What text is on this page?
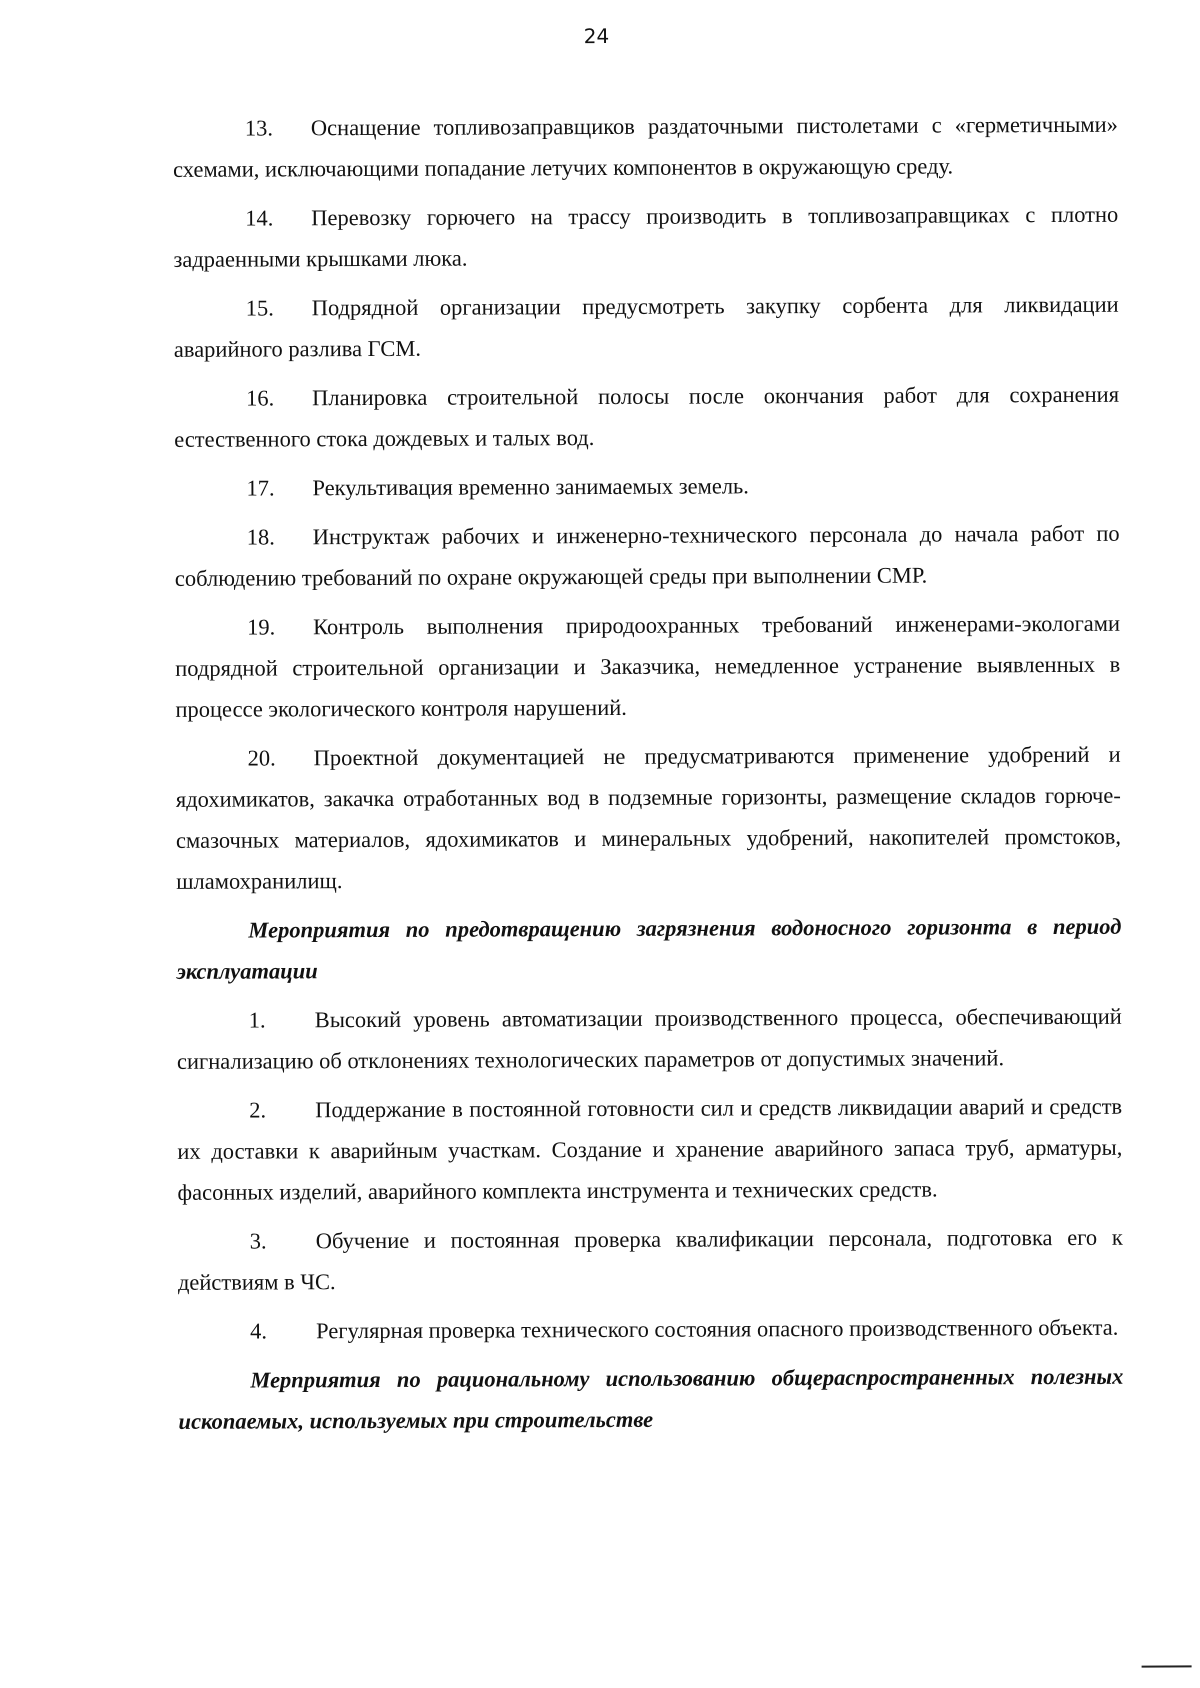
24

13. Оснащение топливозаправщиков раздаточными пистолетами с «герметичными» схемами, исключающими попадание летучих компонентов в окружающую среду.

14. Перевозку горючего на трассу производить в топливозаправщиках с плотно задраенными крышками люка.

15. Подрядной организации предусмотреть закупку сорбента для ликвидации аварийного разлива ГСМ.

16. Планировка строительной полосы после окончания работ для сохранения естественного стока дождевых и талых вод.

17. Рекультивация временно занимаемых земель.

18. Инструктаж рабочих и инженерно-технического персонала до начала работ по соблюдению требований по охране окружающей среды при выполнении СМР.

19. Контроль выполнения природоохранных требований инженерами-экологами подрядной строительной организации и Заказчика, немедленное устранение выявленных в процессе экологического контроля нарушений.

20. Проектной документацией не предусматриваются применение удобрений и ядохимикатов, закачка отработанных вод в подземные горизонты, размещение складов горюче-смазочных материалов, ядохимикатов и минеральных удобрений, накопителей промстоков, шламохранилищ.

Мероприятия по предотвращению загрязнения водоносного горизонта в период эксплуатации

1. Высокий уровень автоматизации производственного процесса, обеспечивающий сигнализацию об отклонениях технологических параметров от допустимых значений.

2. Поддержание в постоянной готовности сил и средств ликвидации аварий и средств их доставки к аварийным участкам. Создание и хранение аварийного запаса труб, арматуры, фасонных изделий, аварийного комплекта инструмента и технических средств.

3. Обучение и постоянная проверка квалификации персонала, подготовка его к действиям в ЧС.

4. Регулярная проверка технического состояния опасного производственного объекта.

Мерприятия по рациональному использованию общераспространенных полезных ископаемых, используемых при строительстве
